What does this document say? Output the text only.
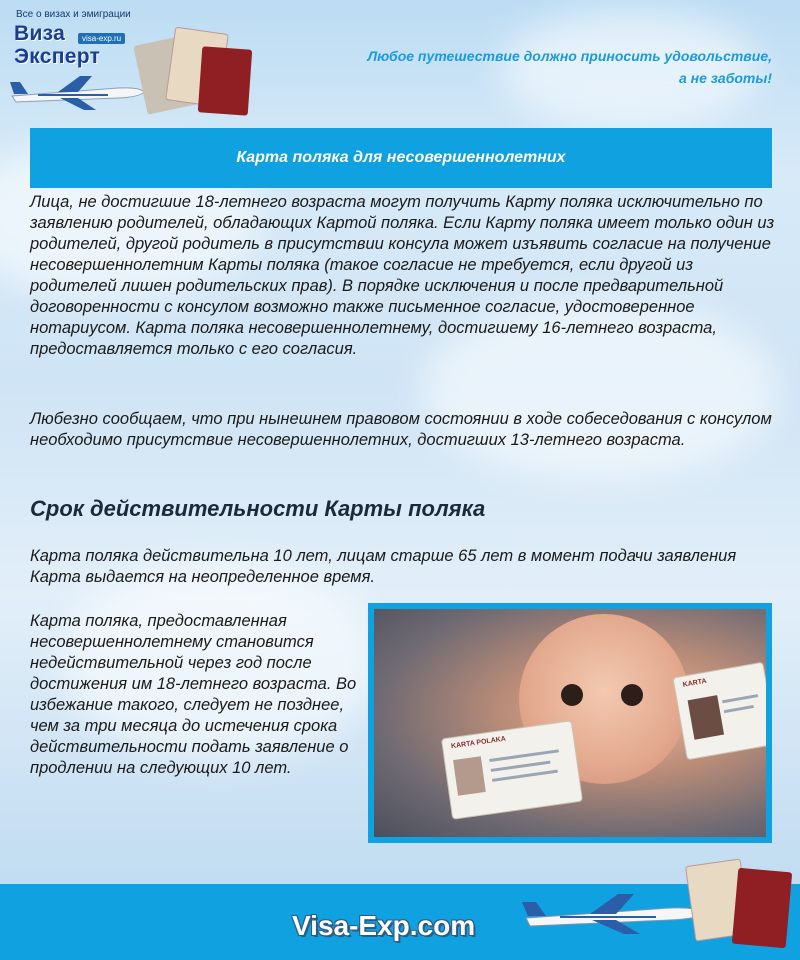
Все о визах и эмиграции
Виза	visa-exp.ru
Эксперт	Любое путешествие должно приносить удовольствие,
а не заботы!
Карта поляка для несовершеннолетних

Лица, не достигшие 18-летнего возраста могут получить Карту поляка исключительно по заявлению родителей, обладающих Картой поляка. Если Карту поляка имеет только один из родителей, другой родитель в присутствии консула может изъявить согласие на получение несовершеннолетним Карты поляка (такое согласие не требуется, если другой из родителей лишен родительских прав). В порядке исключения и после предварительной договоренности с консулом возможно также письменное согласие, удостоверенное нотариусом. Карта поляка несовершеннолетнему, достигшему 16-летнего возраста, предоставляется только с его согласия.

Любезно сообщаем, что при нынешнем правовом состоянии в ходе собеседования с консулом необходимо присутствие несовершеннолетних, достигших 13-летнего возраста.

Срок действительности Карты поляка

Карта поляка действительна 10 лет, лицам старше 65 лет в момент подачи заявления Карта выдается на неопределенное время.

Карта поляка, предоставленная несовершеннолетнему становится недействительной через год после достижения им 18-летнего возраста. Во избежание такого, следует не позднее, чем за три месяца до истечения срока действительности подать заявление о продлении на следующих 10 лет.

KARTA POLAKA
KARTA
Visa-Exp.com
